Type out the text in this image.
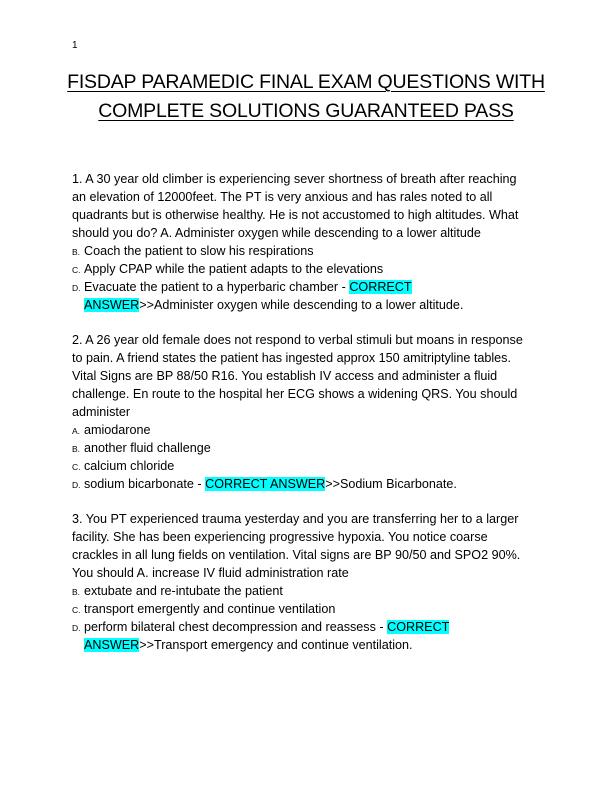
1
FISDAP PARAMEDIC FINAL EXAM QUESTIONS WITH
COMPLETE SOLUTIONS GUARANTEED PASS
1. A 30 year old climber is experiencing sever shortness of breath after reaching
an elevation of 12000feet. The PT is very anxious and has rales noted to all
quadrants but is otherwise healthy. He is not accustomed to high altitudes. What
should you do? A. Administer oxygen while descending to a lower altitude
B. Coach the patient to slow his respirations
C. Apply CPAP while the patient adapts to the elevations
D. Evacuate the patient to a hyperbaric chamber - CORRECT
ANSWER>>Administer oxygen while descending to a lower altitude.
2. A 26 year old female does not respond to verbal stimuli but moans in response
to pain. A friend states the patient has ingested approx 150 amitriptyline tables.
Vital Signs are BP 88/50 R16. You establish IV access and administer a fluid
challenge. En route to the hospital her ECG shows a widening QRS. You should
administer
A. amiodarone
B. another fluid challenge
C. calcium chloride
D. sodium bicarbonate - CORRECT ANSWER>>Sodium Bicarbonate.
3. You PT experienced trauma yesterday and you are transferring her to a larger
facility. She has been experiencing progressive hypoxia. You notice coarse
crackles in all lung fields on ventilation. Vital signs are BP 90/50 and SPO2 90%.
You should A. increase IV fluid administration rate
B. extubate and re-intubate the patient
C. transport emergently and continue ventilation
D. perform bilateral chest decompression and reassess - CORRECT
ANSWER>>Transport emergency and continue ventilation.
